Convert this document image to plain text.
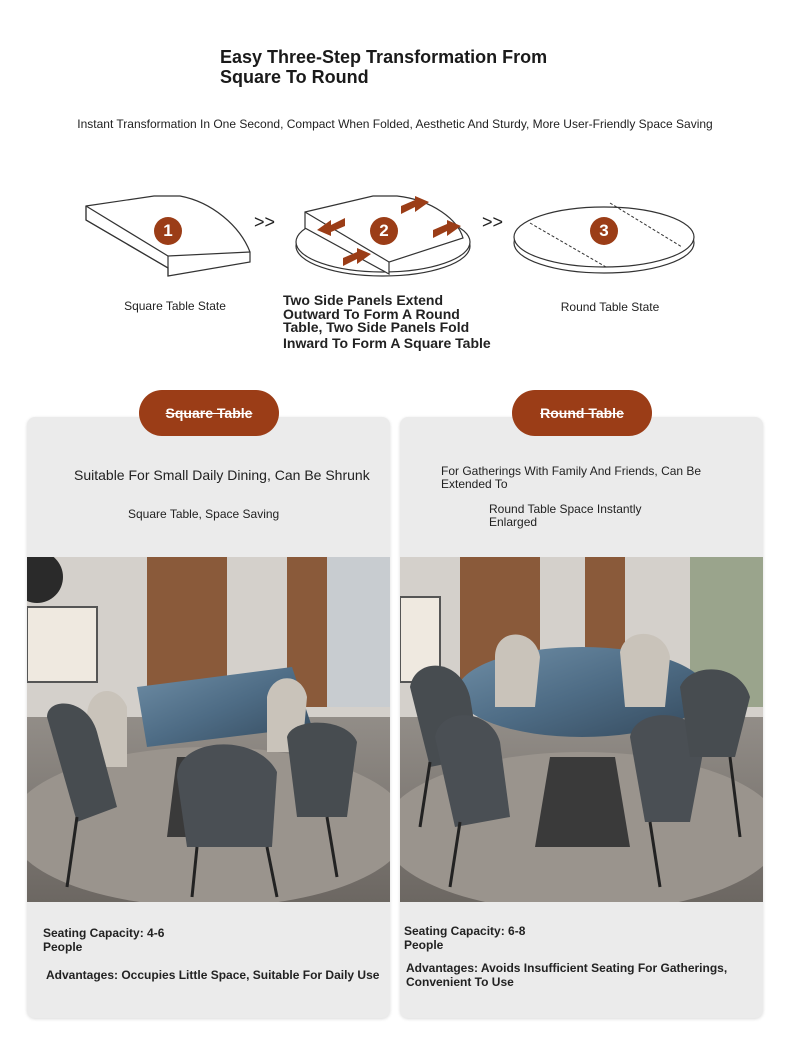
Easy Three-Step Transformation From
Square To Round
Instant Transformation In One Second, Compact When Folded, Aesthetic And Sturdy, More User-Friendly Space Saving
1	>>	2	>>	3
Square Table State	Two Side Panels Extend
Outward To Form A Round
Table, Two Side Panels Fold
Inward To Form A Square Table
Round Table State
Square Table
Suitable For Small Daily Dining, Can Be Shrunk
Square Table, Space Saving
Seating Capacity: 4-6
People
Advantages: Occupies Little Space, Suitable For Daily Use
Round Table
For Gatherings With Family And Friends, Can Be
Extended To
Round Table Space Instantly
Enlarged
Seating Capacity: 6-8
People
Advantages: Avoids Insufficient Seating For Gatherings,
Convenient To Use
